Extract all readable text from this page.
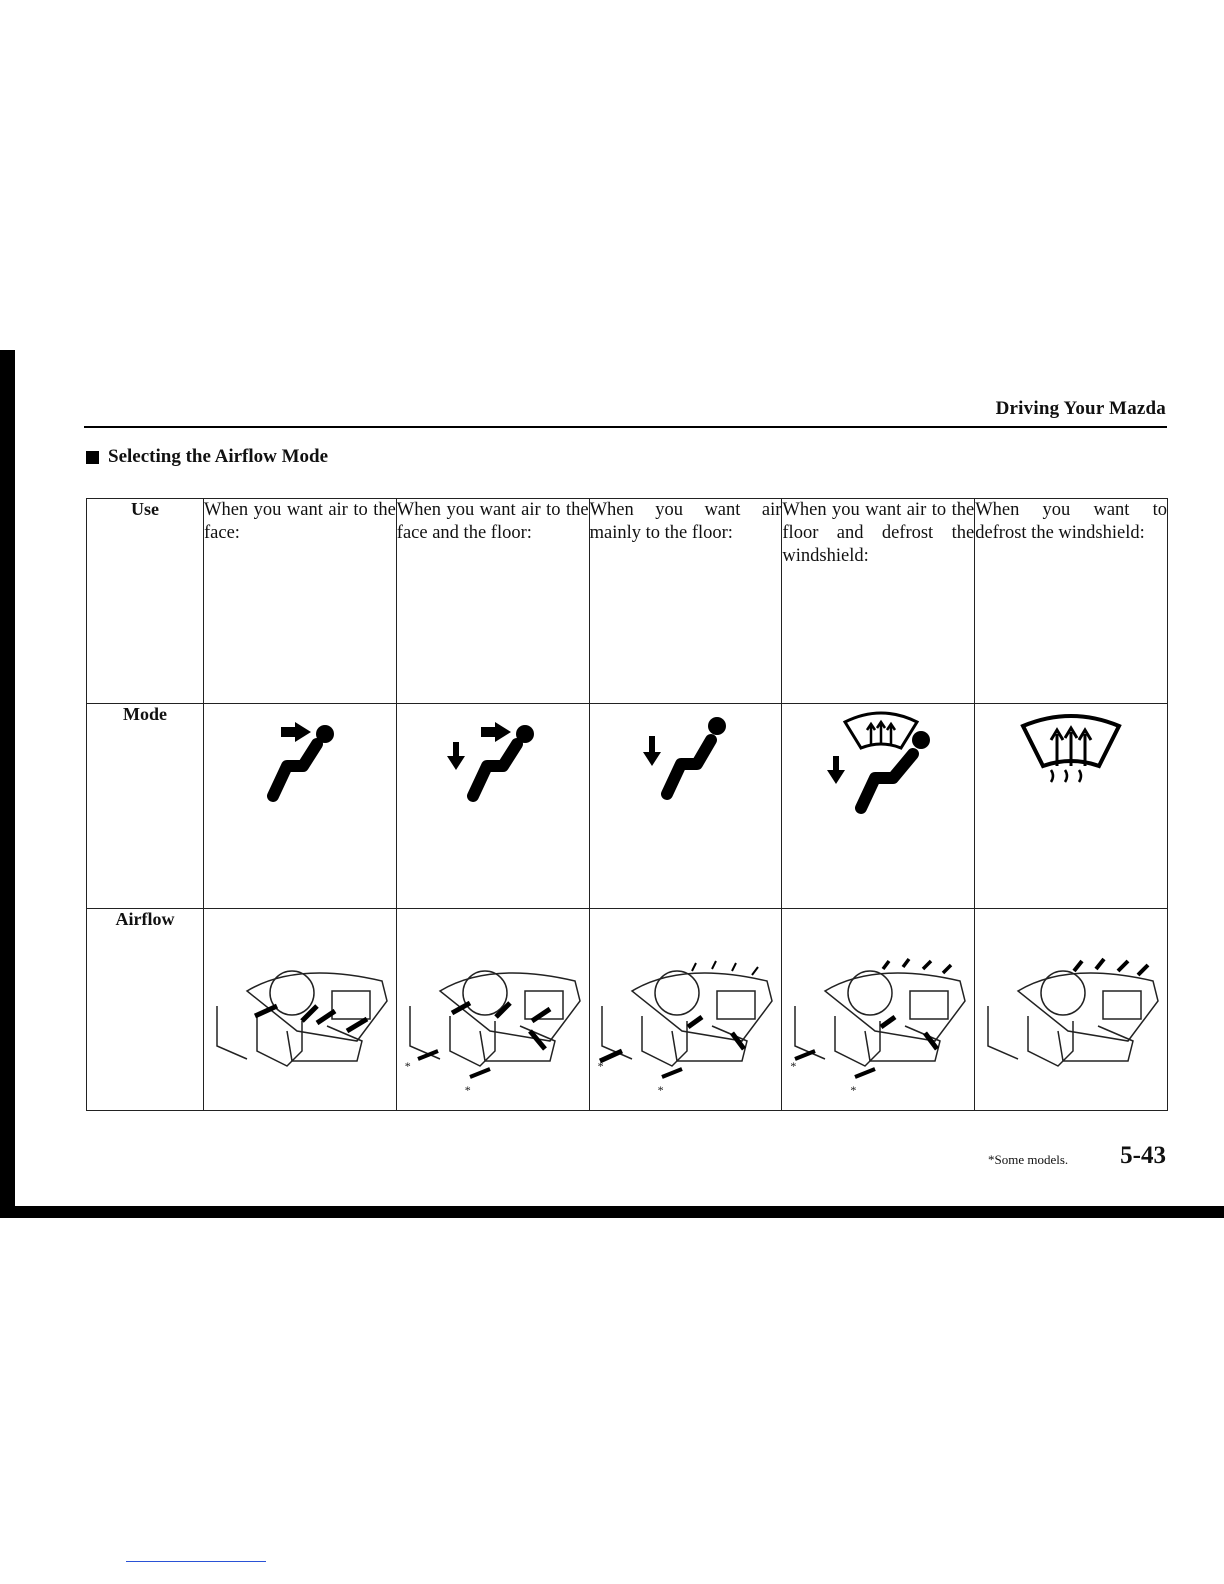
Driving Your Mazda
Selecting the Airflow Mode
Use	When you want air to the face:	When you want air to the face and the floor:	When you want air mainly to the floor:	When you want air to the floor and defrost the windshield:	When you want to defrost the windshield:
Mode	

Airflow		*
*	*
*	*
*

*Some models. 5-43
